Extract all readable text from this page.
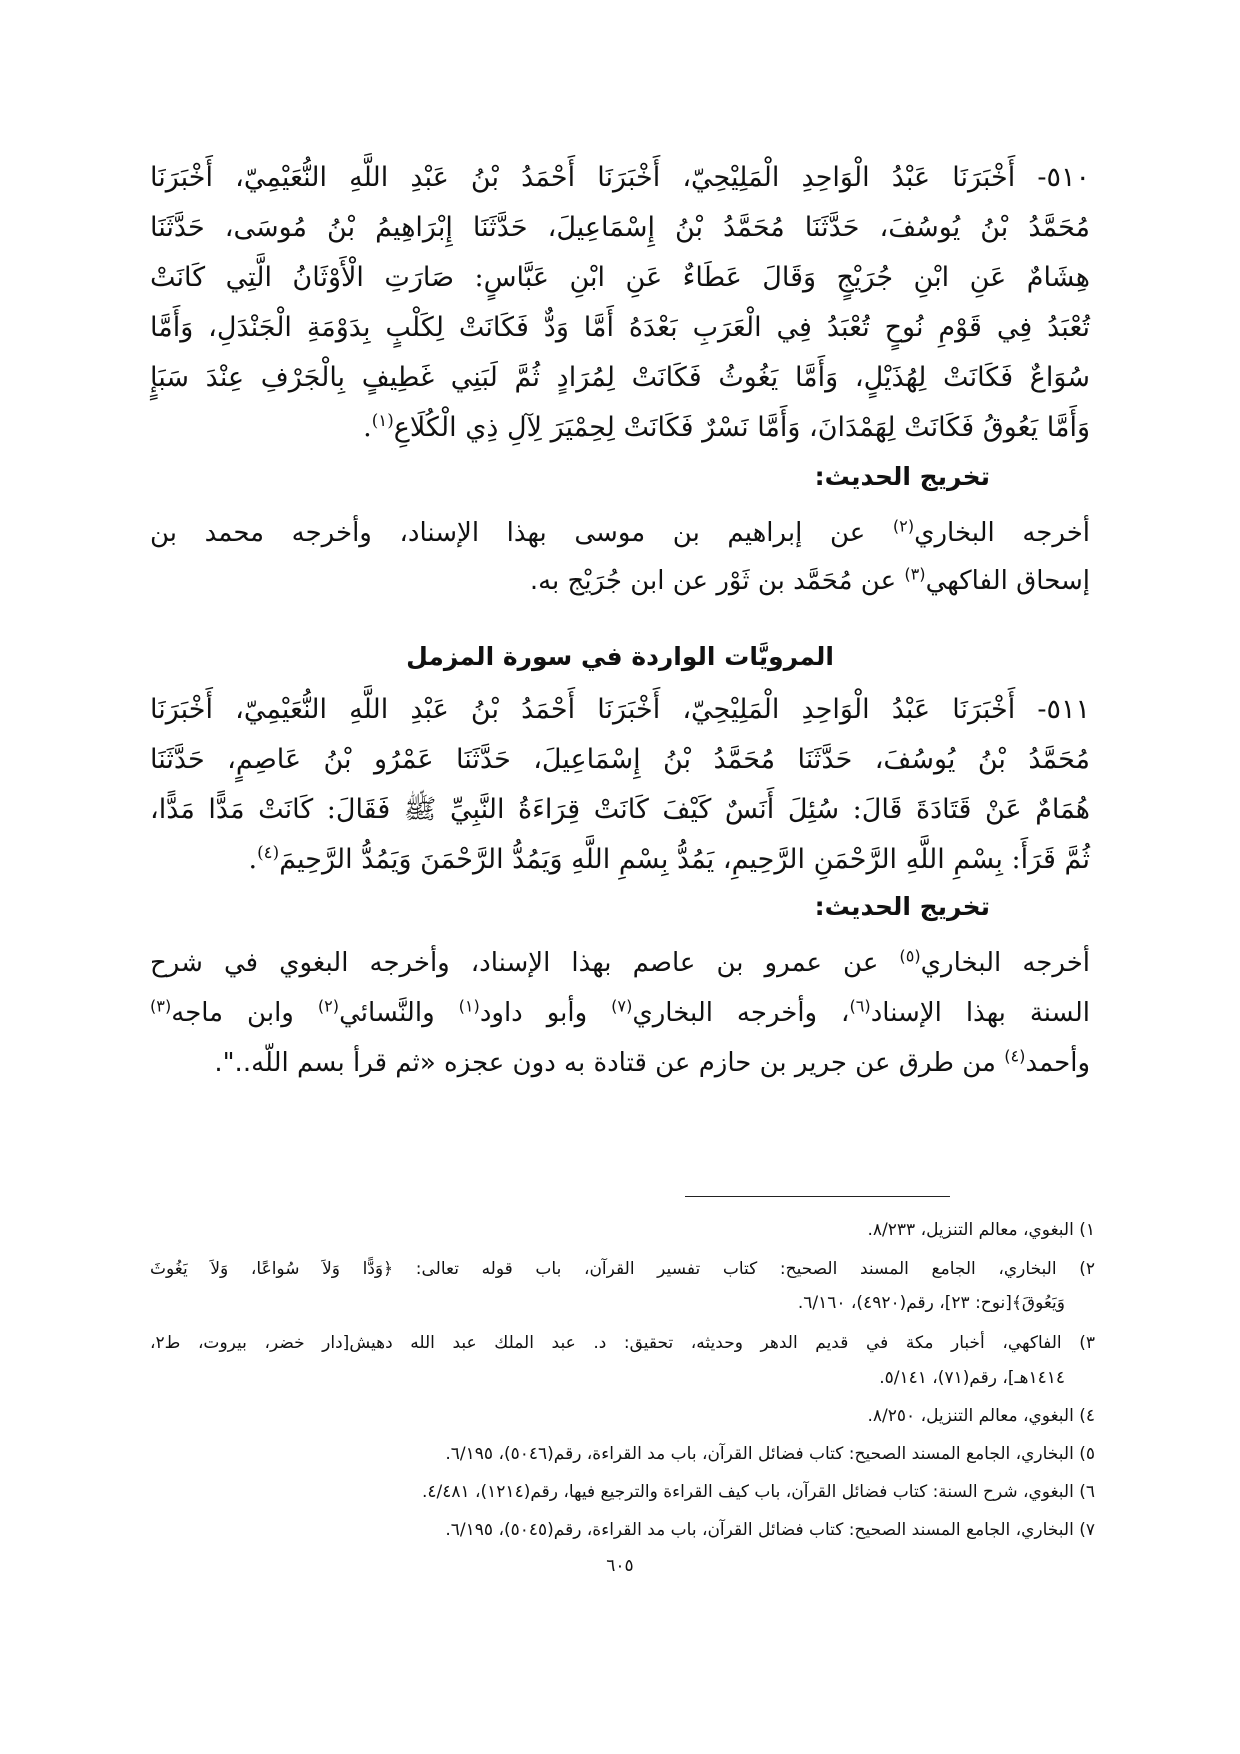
٥١٠- أَخْبَرَنَا عَبْدُ الْوَاحِدِ الْمَلِيْحِيّ، أَخْبَرَنَا أَحْمَدُ بْنُ عَبْدِ اللَّهِ النُّعَيْمِيّ، أَخْبَرَنَا
مُحَمَّدُ بْنُ يُوسُفَ، حَدَّثَنَا مُحَمَّدُ بْنُ إِسْمَاعِيلَ، حَدَّثَنَا إِبْرَاهِيمُ بْنُ مُوسَى، حَدَّثَنَا
هِشَامٌ عَنِ ابْنِ جُرَيْجٍ وَقَالَ عَطَاءٌ عَنِ ابْنِ عَبَّاسٍ: صَارَتِ الْأَوْثَانُ الَّتِي كَانَتْ
تُعْبَدُ فِي قَوْمِ نُوحٍ تُعْبَدُ فِي الْعَرَبِ بَعْدَهُ أَمَّا وَدٌّ فَكَانَتْ لِكَلْبٍ بِدَوْمَةِ الْجَنْدَلِ، وَأَمَّا
سُوَاعٌ فَكَانَتْ لِهُذَيْلٍ، وَأَمَّا يَغُوثُ فَكَانَتْ لِمُرَادٍ ثُمَّ لَبَنِي غَطِيفٍ بِالْجَرْفِ عِنْدَ سَبَإٍ
وَأَمَّا يَعُوقُ فَكَانَتْ لِهَمْدَانَ، وَأَمَّا نَسْرٌ فَكَانَتْ لِحِمْيَرَ لِآلِ ذِي الْكُلَاعِ$^{(١)}$.
تخريج الحديث:
أخرجه البخاري$^{(٢)}$ عن إبراهيم بن موسى بهذا الإسناد، وأخرجه محمد بن
إسحاق الفاكهي$^{(٣)}$ عن مُحَمَّد بن ثَوْر عن ابن جُرَيْج به.
المرويَّات الواردة في سورة المزمل
٥١١- أَخْبَرَنَا عَبْدُ الْوَاحِدِ الْمَلِيْحِيّ، أَخْبَرَنَا أَحْمَدُ بْنُ عَبْدِ اللَّهِ النُّعَيْمِيّ، أَخْبَرَنَا
مُحَمَّدُ بْنُ يُوسُفَ، حَدَّثَنَا مُحَمَّدُ بْنُ إِسْمَاعِيلَ، حَدَّثَنَا عَمْرُو بْنُ عَاصِمٍ، حَدَّثَنَا
هُمَامٌ عَنْ قَتَادَةَ قَالَ: سُئِلَ أَنَسٌ كَيْفَ كَانَتْ قِرَاءَةُ النَّبِيِّ ﷺ فَقَالَ: كَانَتْ مَدًّا مَدًّا،
ثُمَّ قَرَأَ: بِسْمِ اللَّهِ الرَّحْمَنِ الرَّحِيمِ، يَمُدُّ بِسْمِ اللَّهِ وَيَمُدُّ الرَّحْمَنَ وَيَمُدُّ الرَّحِيمَ$^{(٤)}$.
تخريج الحديث:
أخرجه البخاري$^{(٥)}$ عن عمرو بن عاصم بهذا الإسناد، وأخرجه البغوي في شرح
السنة بهذا الإسناد$^{(٦)}$، وأخرجه البخاري$^{(٧)}$ وأبو داود$^{(١)}$ والنَّسائي$^{(٢)}$ وابن ماجه$^{(٣)}$
وأحمد$^{(٤)}$ من طرق عن جرير بن حازم عن قتادة به دون عجزه «ثم قرأ بسم اللّه..".
١) البغوي، معالم التنزيل، ٨/٢٣٣.
٢) البخاري، الجامع المسند الصحيح: كتاب تفسير القرآن، باب قوله تعالى: ﴿وَدًّا وَلاَ سُواعًا، وَلاَ يَغُوثَ
وَيَعُوقَ﴾[نوح: ٢٣]، رقم(٤٩٢٠)، ٦/١٦٠.
٣) الفاكهي، أخبار مكة في قديم الدهر وحديثه، تحقيق: د. عبد الملك عبد الله دهيش[دار خضر، بيروت، ط٢،
١٤١٤هـ]، رقم(٧١)، ٥/١٤١.
٤) البغوي، معالم التنزيل، ٨/٢٥٠.
٥) البخاري، الجامع المسند الصحيح: كتاب فضائل القرآن، باب مد القراءة، رقم(٥٠٤٦)، ٦/١٩٥.
٦) البغوي، شرح السنة: كتاب فضائل القرآن، باب كيف القراءة والترجيع فيها، رقم(١٢١٤)، ٤/٤٨١.
٧) البخاري، الجامع المسند الصحيح: كتاب فضائل القرآن، باب مد القراءة، رقم(٥٠٤٥)، ٦/١٩٥.
٦٠٥
